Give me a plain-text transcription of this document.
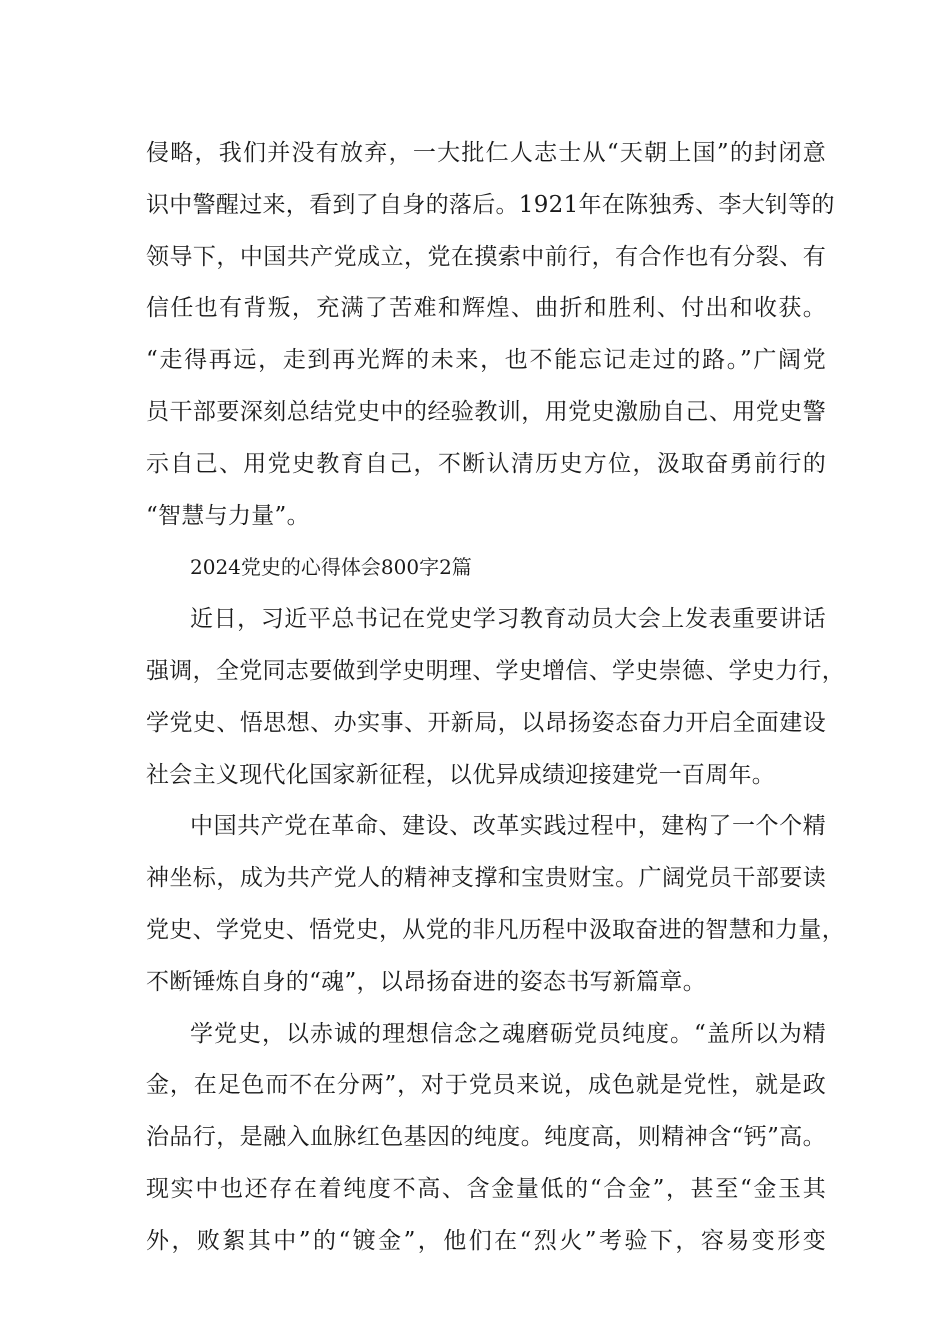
侵略，我们并没有放弃，一大批仁人志士从“天朝上国”的封闭意
识中警醒过来，看到了自身的落后。1921年在陈独秀、李大钊等的
领导下，中国共产党成立，党在摸索中前行，有合作也有分裂、有
信任也有背叛，充满了苦难和辉煌、曲折和胜利、付出和收获。
“走得再远，走到再光辉的未来，也不能忘记走过的路。”广阔党
员干部要深刻总结党史中的经验教训，用党史激励自己、用党史警
示自己、用党史教育自己，不断认清历史方位，汲取奋勇前行的
“智慧与力量”。
2024党史的心得体会800字2篇
近日，习近平总书记在党史学习教育动员大会上发表重要讲话
强调，全党同志要做到学史明理、学史增信、学史崇德、学史力行，
学党史、悟思想、办实事、开新局，以昂扬姿态奋力开启全面建设
社会主义现代化国家新征程，以优异成绩迎接建党一百周年。
中国共产党在革命、建设、改革实践过程中，建构了一个个精
神坐标，成为共产党人的精神支撑和宝贵财宝。广阔党员干部要读
党史、学党史、悟党史，从党的非凡历程中汲取奋进的智慧和力量，
不断锤炼自身的“魂”，以昂扬奋进的姿态书写新篇章。
学党史，以赤诚的理想信念之魂磨砺党员纯度。“盖所以为精
金，在足色而不在分两”，对于党员来说，成色就是党性，就是政
治品行，是融入血脉红色基因的纯度。纯度高，则精神含“钙”高。
现实中也还存在着纯度不高、含金量低的“合金”，甚至“金玉其
外，败絮其中”的“镀金”，他们在“烈火”考验下，容易变形变
